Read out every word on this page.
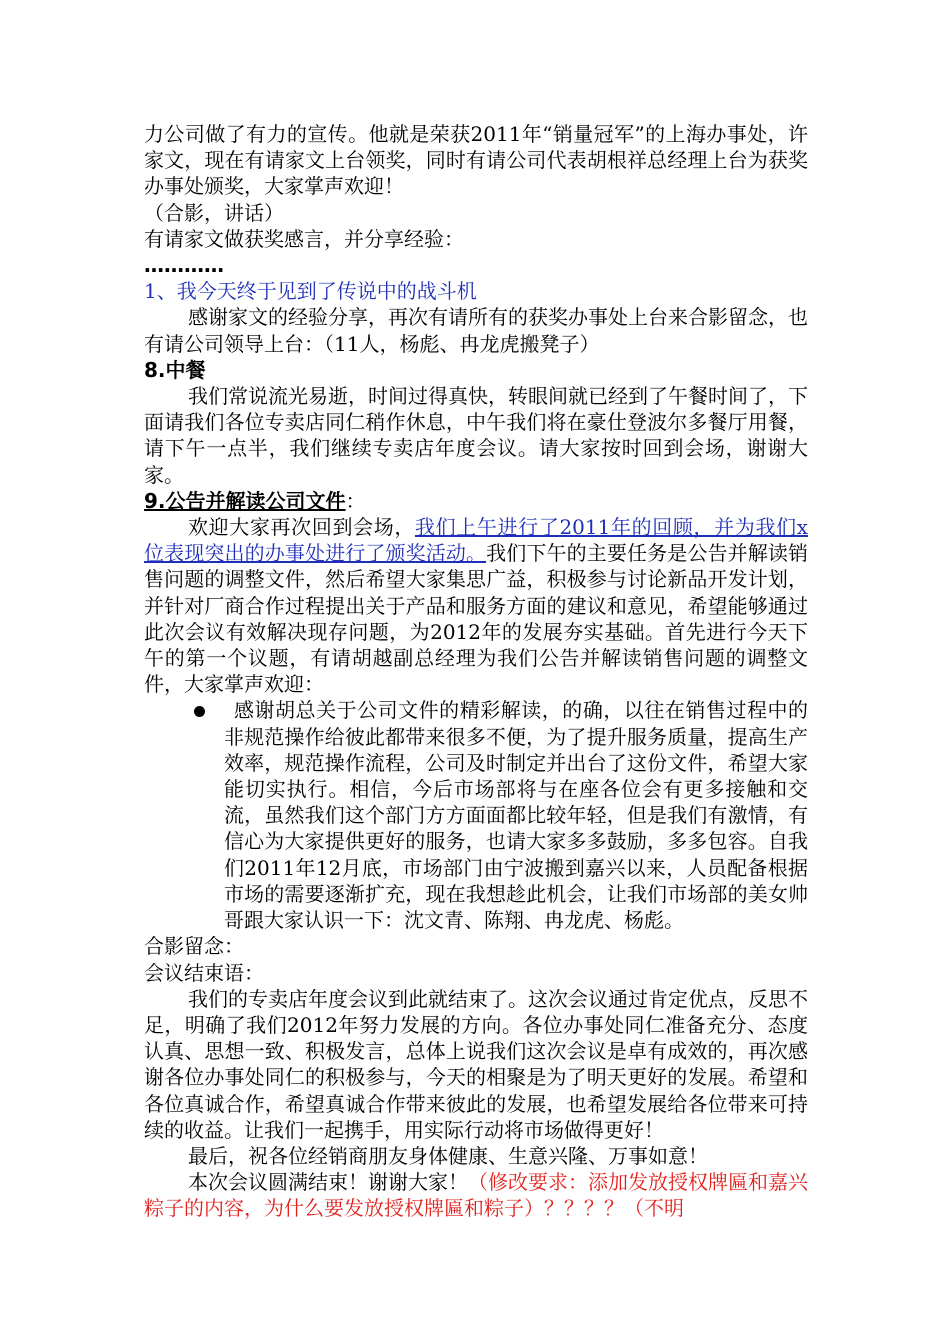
力公司做了有力的宣传。他就是荣获2011年“销量冠军”的上海办事处，许家文，现在有请家文上台领奖，同时有请公司代表胡根祥总经理上台为获奖办事处颁奖，大家掌声欢迎！

（合影，讲话）

有请家文做获奖感言，并分享经验：

…………

1、我今天终于见到了传说中的战斗机

感谢家文的经验分享，再次有请所有的获奖办事处上台来合影留念，也有请公司领导上台：（11人，杨彪、冉龙虎搬凳子）

8.中餐

我们常说流光易逝，时间过得真快，转眼间就已经到了午餐时间了，下面请我们各位专卖店同仁稍作休息，中午我们将在豪仕登波尔多餐厅用餐，请下午一点半，我们继续专卖店年度会议。请大家按时回到会场，谢谢大家。

9.公告并解读公司文件：

欢迎大家再次回到会场，我们上午进行了2011年的回顾，并为我们x位表现突出的办事处进行了颁奖活动。我们下午的主要任务是公告并解读销售问题的调整文件，然后希望大家集思广益，积极参与讨论新品开发计划，并针对厂商合作过程提出关于产品和服务方面的建议和意见，希望能够通过此次会议有效解决现存问题，为2012年的发展夯实基础。首先进行今天下午的第一个议题，有请胡越副总经理为我们公告并解读销售问题的调整文件，大家掌声欢迎：

感谢胡总关于公司文件的精彩解读，的确，以往在销售过程中的非规范操作给彼此都带来很多不便，为了提升服务质量，提高生产效率，规范操作流程，公司及时制定并出台了这份文件，希望大家能切实执行。相信，今后市场部将与在座各位会有更多接触和交流，虽然我们这个部门方方面面都比较年轻，但是我们有激情，有信心为大家提供更好的服务，也请大家多多鼓励，多多包容。自我们2011年12月底，市场部门由宁波搬到嘉兴以来，人员配备根据市场的需要逐渐扩充，现在我想趁此机会，让我们市场部的美女帅哥跟大家认识一下：沈文青、陈翔、冉龙虎、杨彪。

合影留念：

会议结束语：

我们的专卖店年度会议到此就结束了。这次会议通过肯定优点，反思不足，明确了我们2012年努力发展的方向。各位办事处同仁准备充分、态度认真、思想一致、积极发言，总体上说我们这次会议是卓有成效的，再次感谢各位办事处同仁的积极参与，今天的相聚是为了明天更好的发展。希望和各位真诚合作，希望真诚合作带来彼此的发展，也希望发展给各位带来可持续的收益。让我们一起携手，用实际行动将市场做得更好！

最后，祝各位经销商朋友身体健康、生意兴隆、万事如意！

本次会议圆满结束！谢谢大家！（修改要求：添加发放授权牌匾和嘉兴粽子的内容，为什么要发放授权牌匾和粽子）？？？？（不明
